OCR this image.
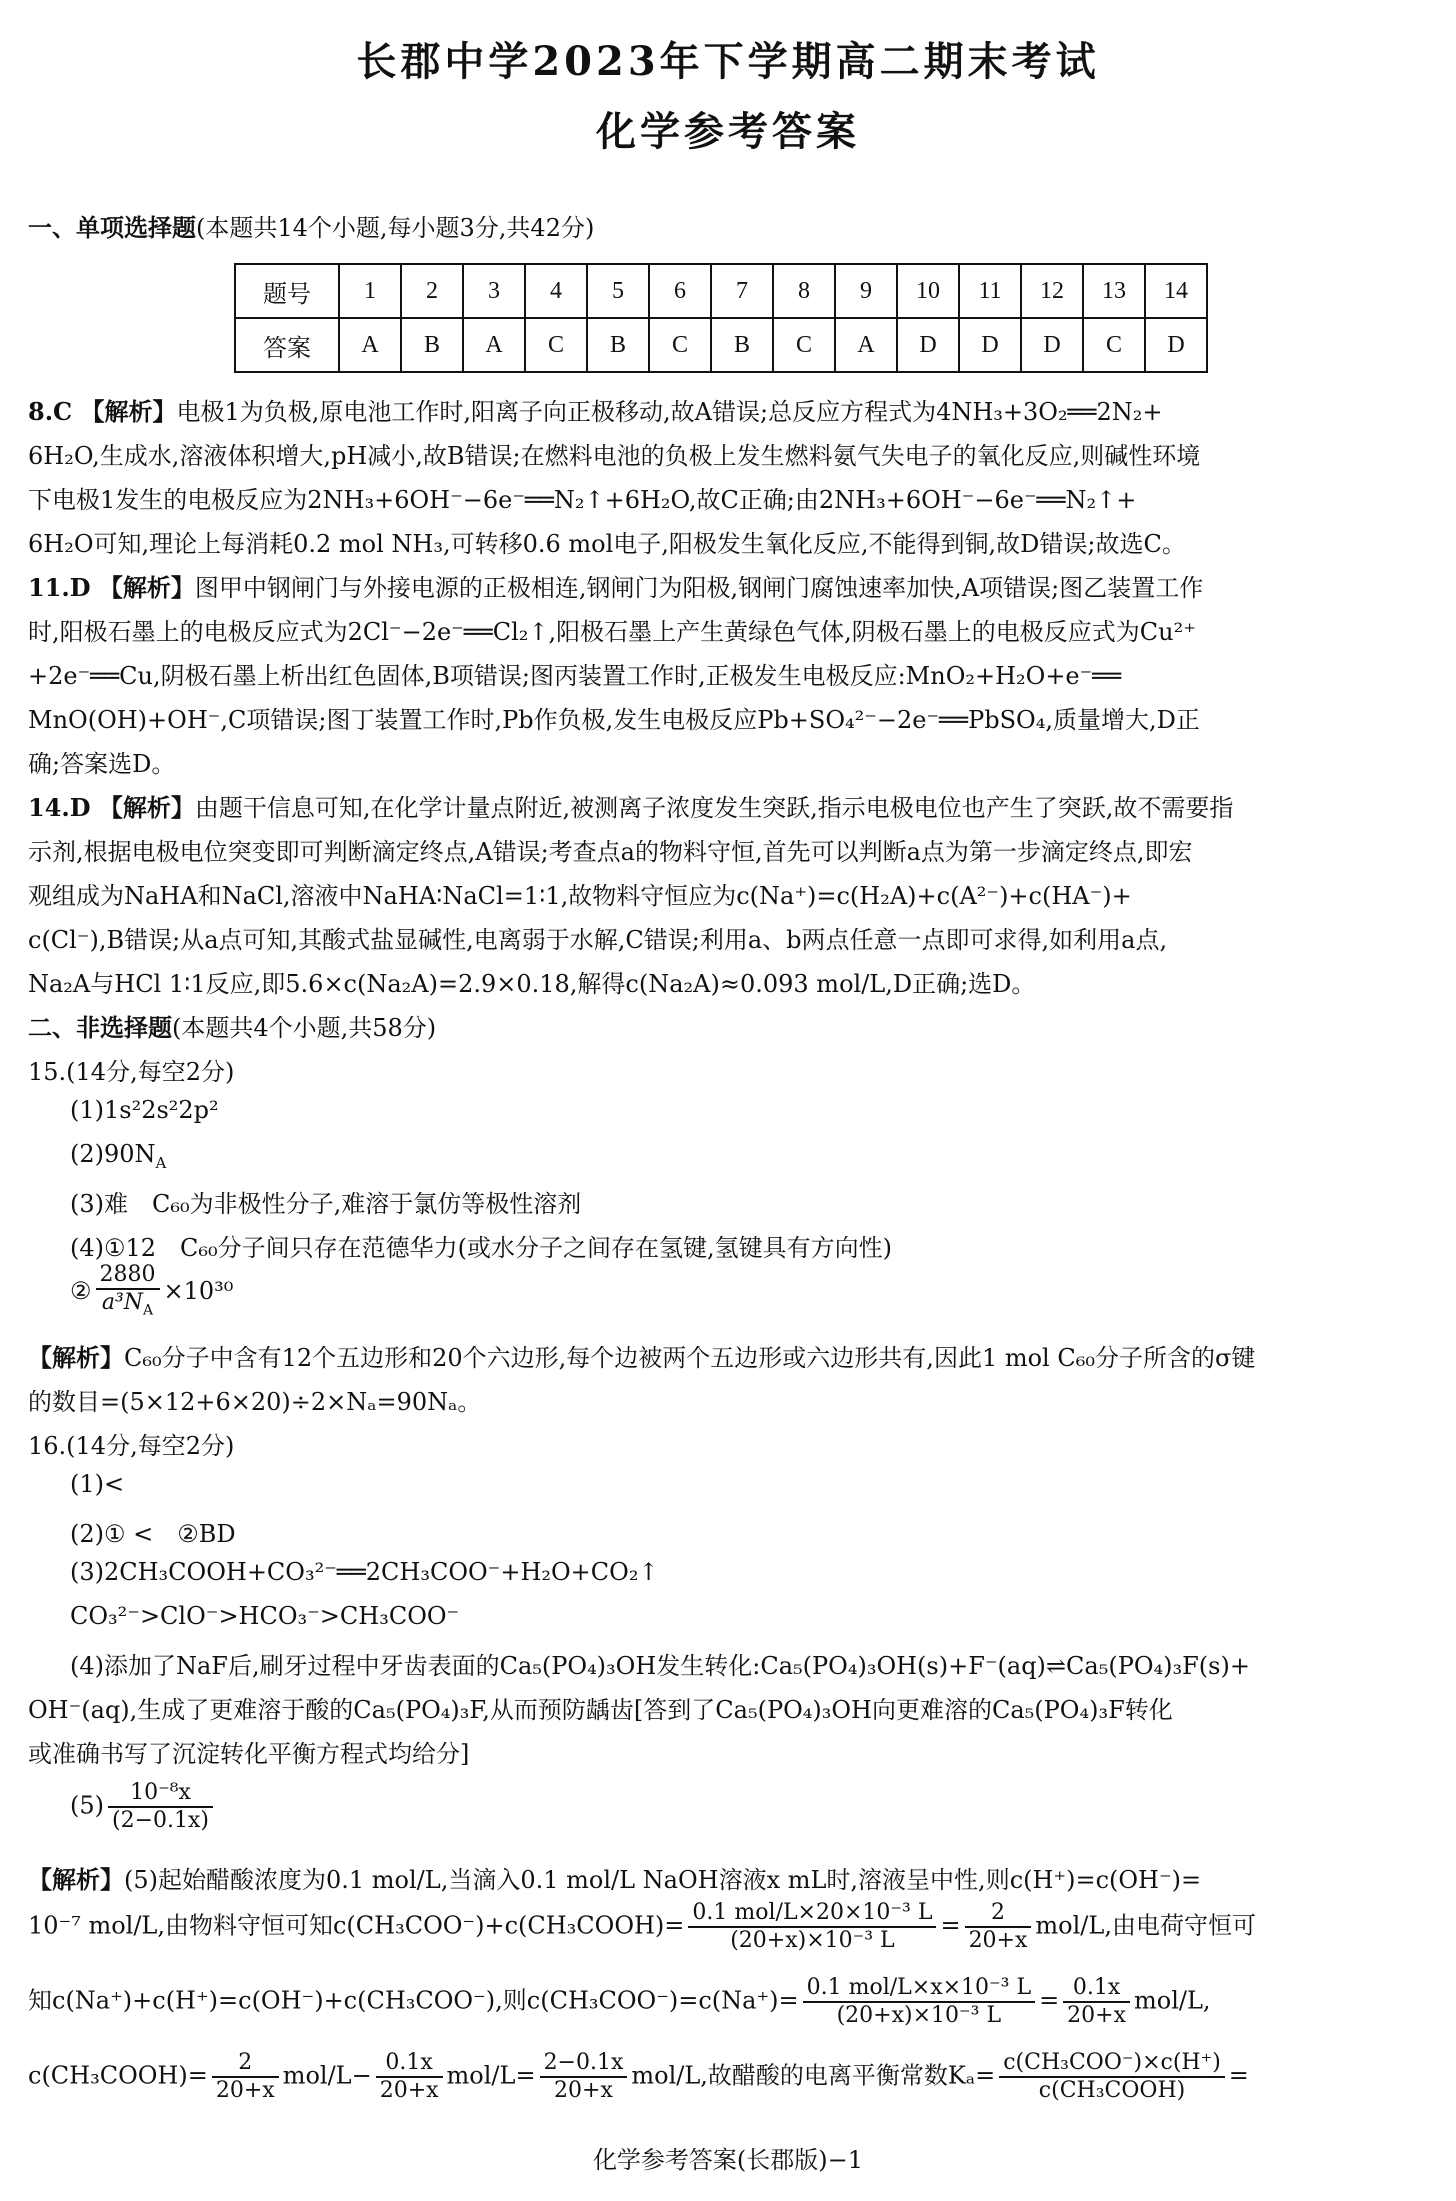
长郡中学2023年下学期高二期末考试
化学参考答案
一、单项选择题(本题共14个小题,每小题3分,共42分)
题号	1	2	3	4	5	6	7	8	9	10	11	12	13	14
答案	A	B	A	C	B	C	B	C	A	D	D	D	C	D
8.C 【解析】电极1为负极,原电池工作时,阳离子向正极移动,故A错误;总反应方程式为4NH₃+3O₂══2N₂+
6H₂O,生成水,溶液体积增大,pH减小,故B错误;在燃料电池的负极上发生燃料氨气失电子的氧化反应,则碱性环境
下电极1发生的电极反应为2NH₃+6OH⁻−6e⁻══N₂↑+6H₂O,故C正确;由2NH₃+6OH⁻−6e⁻══N₂↑+
6H₂O可知,理论上每消耗0.2 mol NH₃,可转移0.6 mol电子,阳极发生氧化反应,不能得到铜,故D错误;故选C。
11.D 【解析】图甲中钢闸门与外接电源的正极相连,钢闸门为阳极,钢闸门腐蚀速率加快,A项错误;图乙装置工作
时,阳极石墨上的电极反应式为2Cl⁻−2e⁻══Cl₂↑,阳极石墨上产生黄绿色气体,阴极石墨上的电极反应式为Cu²⁺
+2e⁻══Cu,阴极石墨上析出红色固体,B项错误;图丙装置工作时,正极发生电极反应:MnO₂+H₂O+e⁻══
MnO(OH)+OH⁻,C项错误;图丁装置工作时,Pb作负极,发生电极反应Pb+SO₄²⁻−2e⁻══PbSO₄,质量增大,D正
确;答案选D。
14.D 【解析】由题干信息可知,在化学计量点附近,被测离子浓度发生突跃,指示电极电位也产生了突跃,故不需要指
示剂,根据电极电位突变即可判断滴定终点,A错误;考查点a的物料守恒,首先可以判断a点为第一步滴定终点,即宏
观组成为NaHA和NaCl,溶液中NaHA∶NaCl=1∶1,故物料守恒应为c(Na⁺)=c(H₂A)+c(A²⁻)+c(HA⁻)+
c(Cl⁻),B错误;从a点可知,其酸式盐显碱性,电离弱于水解,C错误;利用a、b两点任意一点即可求得,如利用a点,
Na₂A与HCl 1∶1反应,即5.6×c(Na₂A)=2.9×0.18,解得c(Na₂A)≈0.093 mol/L,D正确;选D。
二、非选择题(本题共4个小题,共58分)
15.(14分,每空2分)
(1)1s²2s²2p²
$(2)90N_A$
(3)难　C₆₀为非极性分子,难溶于氯仿等极性溶剂
(4)①12　C₆₀分子间只存在范德华力(或水分子之间存在氢键,氢键具有方向性)
② $\frac{2880}{a^3N_A} \times 10^{30}$
【解析】C₆₀分子中含有12个五边形和20个六边形,每个边被两个五边形或六边形共有,因此1 mol C₆₀分子所含的σ键
的数目=(5×12+6×20)÷2×Nₐ=90Nₐ。
16.(14分,每空2分)
(1)<
(2)① <　②BD
(3)2CH₃COOH+CO₃²⁻══2CH₃COO⁻+H₂O+CO₂↑
CO₃²⁻>ClO⁻>HCO₃⁻>CH₃COO⁻
(4)添加了NaF后,刷牙过程中牙齿表面的Ca₅(PO₄)₃OH发生转化:Ca₅(PO₄)₃OH(s)+F⁻(aq)⇌Ca₅(PO₄)₃F(s)+
OH⁻(aq),生成了更难溶于酸的Ca₅(PO₄)₃F,从而预防龋齿[答到了Ca₅(PO₄)₃OH向更难溶的Ca₅(PO₄)₃F转化
或准确书写了沉淀转化平衡方程式均给分]
$(5) \frac{\text{10⁻⁸x}}{(2-0.1x)}$
【解析】(5)起始醋酸浓度为0.1 mol/L,当滴入0.1 mol/L NaOH溶液x mL时,溶液呈中性,则c(H⁺)=c(OH⁻)=
10⁻⁷ mol/L,由物料守恒可知c(CH₃COO⁻)+c(CH₃COOH)= $\frac{\text{0.1 mol/L×20×10⁻³ L}}{\text{(20+x)×10⁻³ L}} = \frac{2}{20+x} mol/L$,由电荷守恒可
知c(Na⁺)+c(H⁺)=c(OH⁻)+c(CH₃COO⁻),则$c(CH_3COO^-)=c(Na^+)= \frac{\text{0.1 mol/L×x×10⁻³ L}}{\text{(20+x)×10⁻³ L}} = \frac{0.1x}{20+x} mol/L$,
c(CH₃COOH)= $\frac{2}{20+x} mol/L- \frac{0.1x}{20+x} mol/L= \frac{2-0.1x}{20+x} mol/L$,故醋酸的电离平衡常数$K_a= \frac{\text{c(CH₃COO⁻)×c(H⁺)}}{\text{c(CH₃COOH)}}$ =
化学参考答案(长郡版)−1
